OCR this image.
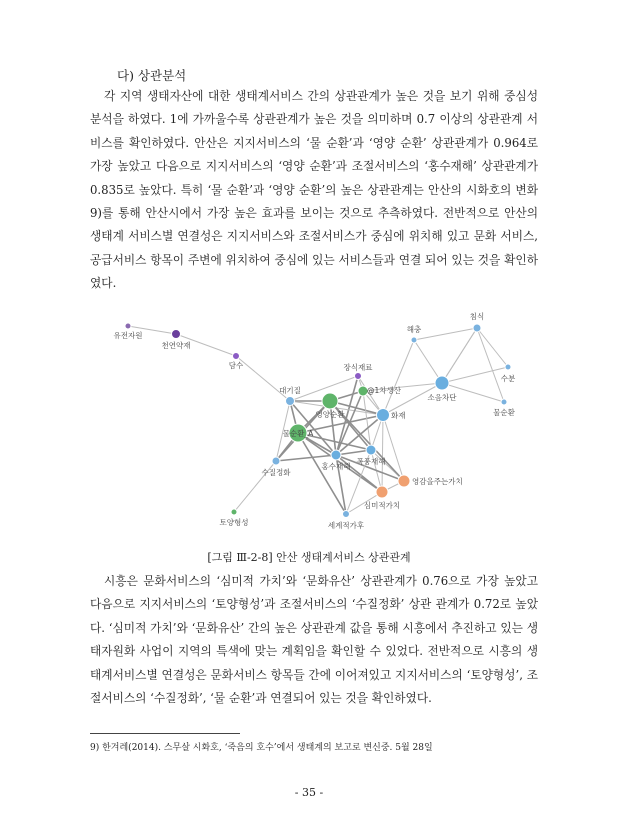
다) 상관분석
각 지역 생태자산에 대한 생태계서비스 간의 상관관계가 높은 것을 보기 위해 중심성 분석을 하였다. 1에 가까울수록 상관관계가 높은 것을 의미하며 0.7 이상의 상관관계 서비스를 확인하였다. 안산은 지지서비스의 ‘물 순환’과 ‘영양 순환’ 상관관계가 0.964로 가장 높았고 다음으로 지지서비스의 ‘영양 순환’과 조절서비스의 ‘홍수재해’ 상관관계가 0.835로 높았다. 특히 ‘물 순환’과 ‘영양 순환’의 높은 상관관계는 안산의 시화호의 변화9)를 통해 안산시에서 가장 높은 효과를 보이는 것으로 추측하였다. 전반적으로 안산의 생태계 서비스별 연결성은 지지서비스와 조절서비스가 중심에 위치해 있고 문화 서비스, 공급서비스 항목이 주변에 위치하여 중심에 있는 서비스들과 연결 되어 있는 것을 확인하였다.
유전자원
천연약재
담수	장식재료
대기질
영양순환
물순환_A
@1차생산
화재
소음차단
해충
침식
수분
물순환
폭풍재해
홍수재해
수질정화
영감을주는가치
심미적가치
세계적가후
토양형성
[그림 Ⅲ-2-8] 안산 생태계서비스 상관관계
시흥은 문화서비스의 ‘심미적 가치’와 ‘문화유산’ 상관관계가 0.76으로 가장 높았고 다음으로 지지서비스의 ‘토양형성’과 조절서비스의 ‘수질정화’ 상관 관계가 0.72로 높았다. ‘심미적 가치’와 ‘문화유산’ 간의 높은 상관관계 값을 통해 시흥에서 추진하고 있는 생태자원화 사업이 지역의 특색에 맞는 계획임을 확인할 수 있었다. 전반적으로 시흥의 생태계서비스별 연결성은 문화서비스 항목들 간에 이어져있고 지지서비스의 ‘토양형성’, 조절서비스의 ‘수질정화’, ‘물 순환’과 연결되어 있는 것을 확인하였다.
9) 한겨레(2014). 스무살 시화호, ‘죽음의 호수’에서 생태계의 보고로 변신중. 5월 28일
- 35 -
